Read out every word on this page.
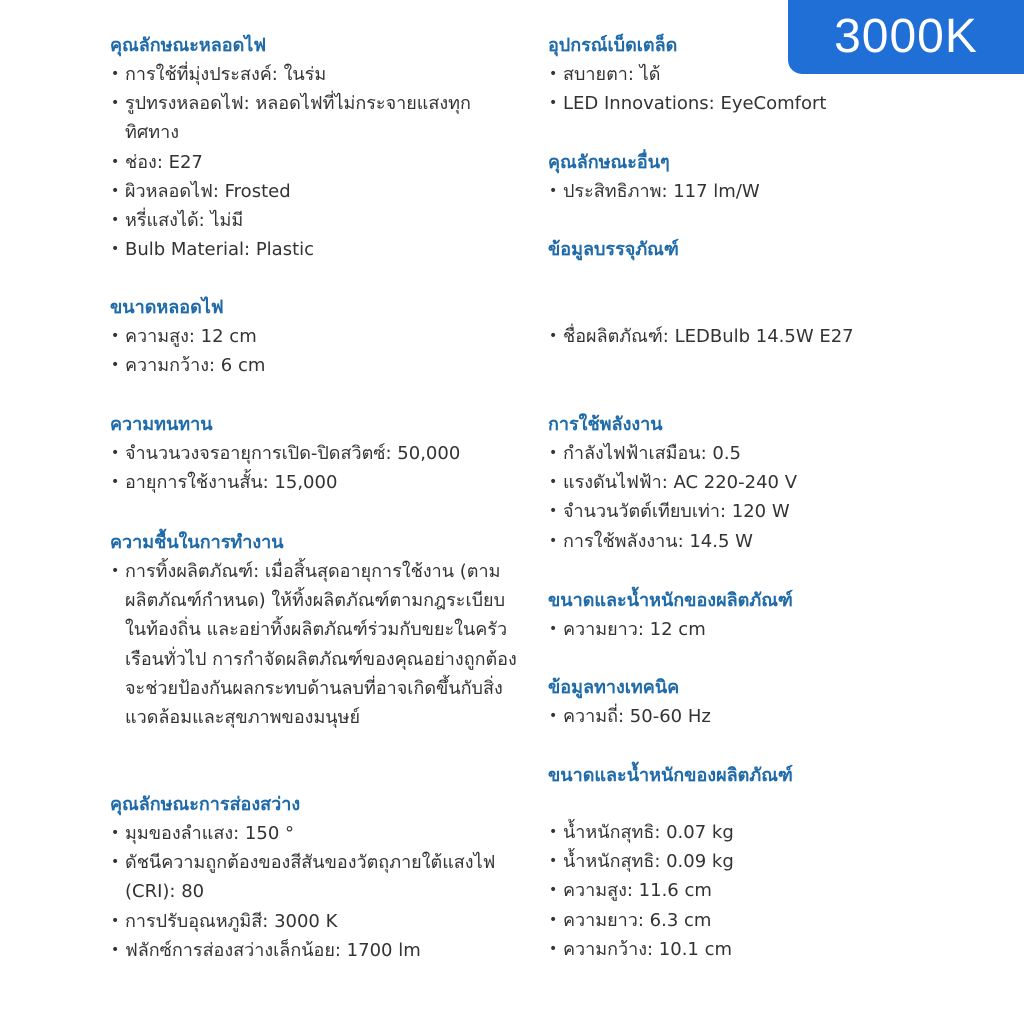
3000K
คุณลักษณะหลอดไฟ
• การใช้ที่มุ่งประสงค์: ในร่ม
• รูปทรงหลอดไฟ: หลอดไฟที่ไม่กระจายแสงทุกทิศทาง
• ช่อง: E27
• ผิวหลอดไฟ: Frosted
• หรี่แสงได้: ไม่มี
• Bulb Material: Plastic
ขนาดหลอดไฟ
• ความสูง: 12 cm
• ความกว้าง: 6 cm
ความทนทาน
• จำนวนวงจรอายุการเปิด-ปิดสวิตซ์: 50,000
• อายุการใช้งานสั้น: 15,000
ความชื้นในการทำงาน
• การทิ้งผลิตภัณฑ์: เมื่อสิ้นสุดอายุการใช้งาน (ตามผลิตภัณฑ์กำหนด) ให้ทิ้งผลิตภัณฑ์ตามกฎระเบียบในท้องถิ่น และอย่าทิ้งผลิตภัณฑ์ร่วมกับขยะในครัวเรือนทั่วไป การกำจัดผลิตภัณฑ์ของคุณอย่างถูกต้องจะช่วยป้องกันผลกระทบด้านลบที่อาจเกิดขึ้นกับสิ่งแวดล้อมและสุขภาพของมนุษย์
คุณลักษณะการส่องสว่าง
• มุมของลำแสง: 150 °
• ดัชนีความถูกต้องของสีสันของวัตถุภายใต้แสงไฟ (CRI): 80
• การปรับอุณหภูมิสี: 3000 K
• ฟลักซ์การส่องสว่างเล็กน้อย: 1700 lm
อุปกรณ์เบ็ดเตล็ด
• สบายตา: ได้
• LED Innovations: EyeComfort
คุณลักษณะอื่นๆ
• ประสิทธิภาพ: 117 lm/W
ข้อมูลบรรจุภัณฑ์
• ชื่อผลิตภัณฑ์: LEDBulb 14.5W E27
การใช้พลังงาน
• กำลังไฟฟ้าเสมือน: 0.5
• แรงดันไฟฟ้า: AC 220-240 V
• จำนวนวัตต์เทียบเท่า: 120 W
• การใช้พลังงาน: 14.5 W
ขนาดและน้ำหนักของผลิตภัณฑ์
• ความยาว: 12 cm
ข้อมูลทางเทคนิค
• ความถี่: 50-60 Hz
ขนาดและน้ำหนักของผลิตภัณฑ์
• น้ำหนักสุทธิ: 0.07 kg
• น้ำหนักสุทธิ: 0.09 kg
• ความสูง: 11.6 cm
• ความยาว: 6.3 cm
• ความกว้าง: 10.1 cm
